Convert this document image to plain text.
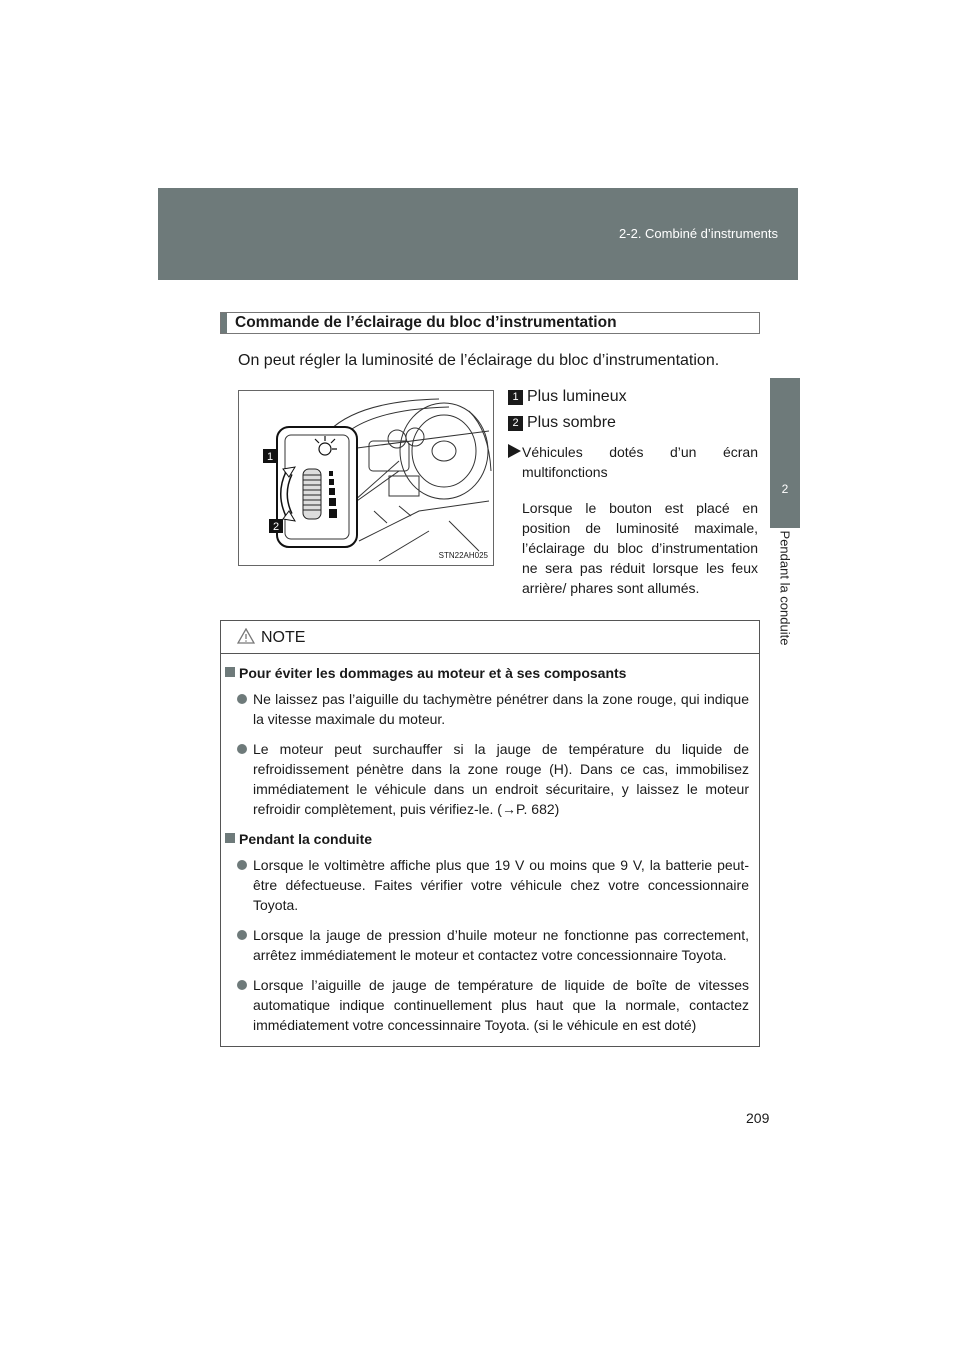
2-2. Combiné d’instruments
2
Pendant la conduite
Commande de l’éclairage du bloc d’instrumentation
On peut régler la luminosité de l’éclairage du bloc d’instrumentation.
1
2
STN22AH025
1 Plus lumineux
2 Plus sombre
Véhicules dotés d’un écran multifonctions
Lorsque le bouton est placé en position de luminosité maximale, l’éclairage du bloc d’instrumentation ne sera pas réduit lorsque les feux arrière/ phares sont allumés.
NOTE
Pour éviter les dommages au moteur et à ses composants
Ne laissez pas l’aiguille du tachymètre pénétrer dans la zone rouge, qui indique la vitesse maximale du moteur.
Le moteur peut surchauffer si la jauge de température du liquide de refroidissement pénètre dans la zone rouge (H). Dans ce cas, immobilisez immédiatement le véhicule dans un endroit sécuritaire, y laissez le moteur refroidir complètement, puis vérifiez-le. (→P. 682)
Pendant la conduite
Lorsque le voltimètre affiche plus que 19 V ou moins que 9 V, la batterie peut-être défectueuse. Faites vérifier votre véhicule chez votre concessionnaire Toyota.
Lorsque la jauge de pression d’huile moteur ne fonctionne pas correctement, arrêtez immédiatement le moteur et contactez votre concessionnaire Toyota.
Lorsque l’aiguille de jauge de température de liquide de boîte de vitesses automatique indique continuellement plus haut que la normale, contactez immédiatement votre concessinnaire Toyota. (si le véhicule en est doté)
209
